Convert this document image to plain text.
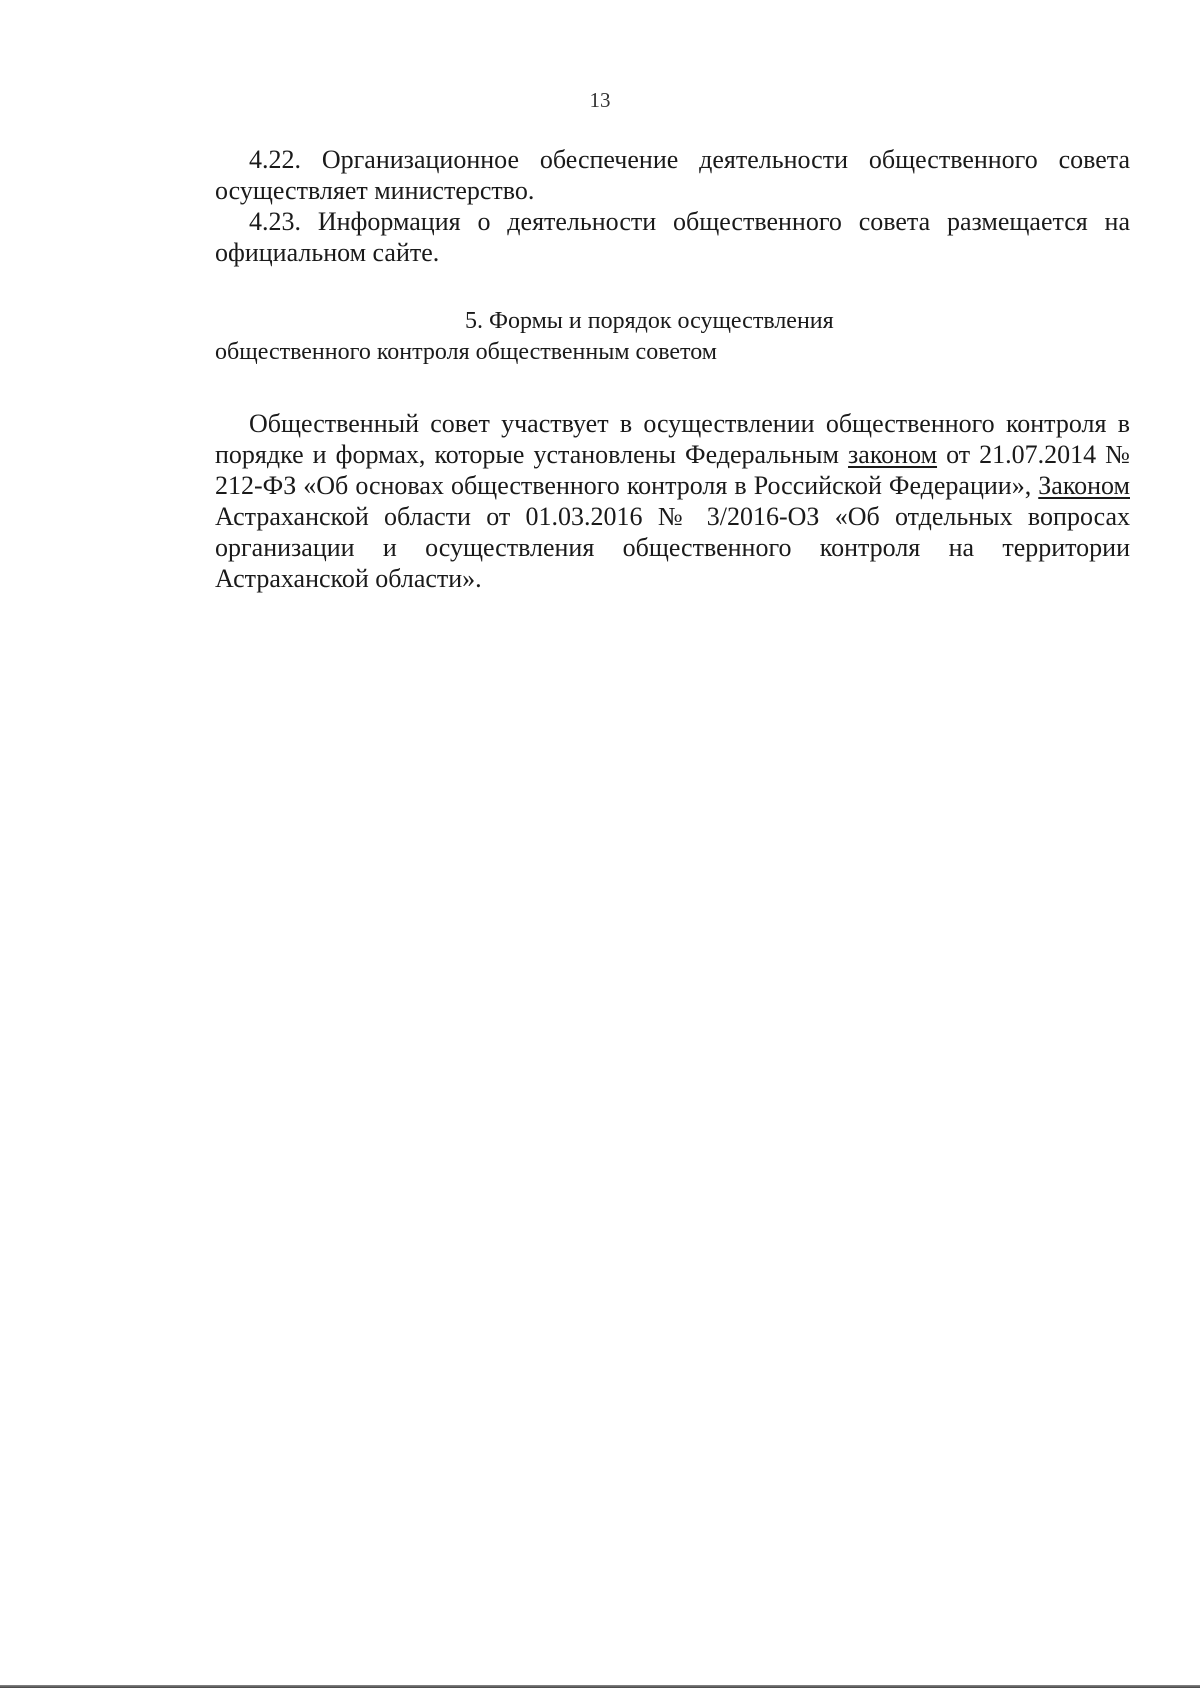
13

4.22. Организационное обеспечение деятельности общественного совета осуществляет министерство.

4.23. Информация о деятельности общественного совета размещается на официальном сайте.

5. Формы и порядок осуществления
общественного контроля общественным советом

Общественный совет участвует в осуществлении общественного контроля в порядке и формах, которые установлены Федеральным законом от 21.07.2014 № 212-ФЗ «Об основах общественного контроля в Российской Федерации», Законом Астраханской области от 01.03.2016 № 3/2016-ОЗ «Об отдельных вопросах организации и осуществления общественного контроля на территории Астраханской области».
